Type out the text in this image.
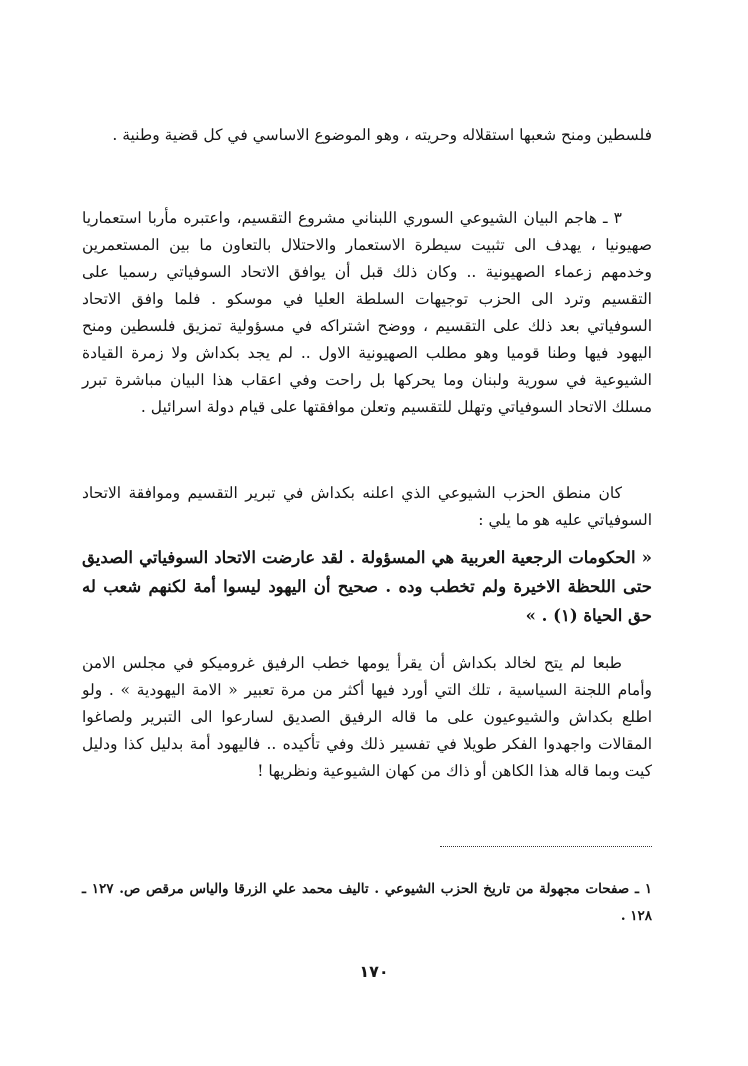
فلسطين ومنح شعبها استقلاله وحريته ، وهو الموضوع الاساسي في كل قضية وطنية .

٣ ـ هاجم البيان الشيوعي السوري اللبناني مشروع التقسيم، واعتبره مأربا استعماريا صهيونيا ، يهدف الى تثبيت سيطرة الاستعمار والاحتلال بالتعاون ما بين المستعمرين وخدمهم زعماء الصهيونية .. وكان ذلك قبل أن يوافق الاتحاد السوفياتي رسميا على التقسيم وترد الى الحزب توجيهات السلطة العليا في موسكو . فلما وافق الاتحاد السوفياتي بعد ذلك على التقسيم ، ووضح اشتراكه في مسؤولية تمزيق فلسطين ومنح اليهود فيها وطنا قوميا وهو مطلب الصهيونية الاول .. لم يجد بكداش ولا زمرة القيادة الشيوعية في سورية ولبنان وما يحركها بل راحت وفي اعقاب هذا البيان مباشرة تبرر مسلك الاتحاد السوفياتي وتهلل للتقسيم وتعلن موافقتها على قيام دولة اسرائيل .

كان منطق الحزب الشيوعي الذي اعلنه بكداش في تبرير التقسيم وموافقة الاتحاد السوفياتي عليه هو ما يلي :

« الحكومات الرجعية العربية هي المسؤولة . لقد عارضت الاتحاد السوفياتي الصديق حتى اللحظة الاخيرة ولم تخطب وده . صحيح أن اليهود ليسوا أمة لكنهم شعب له حق الحياة (١) . »

طبعا لم يتح لخالد بكداش أن يقرأ يومها خطب الرفيق غروميكو في مجلس الامن وأمام اللجنة السياسية ، تلك التي أورد فيها أكثر من مرة تعبير « الامة اليهودية » . ولو اطلع بكداش والشيوعيون على ما قاله الرفيق الصديق لسارعوا الى التبرير ولصاغوا المقالات واجهدوا الفكر طويلا في تفسير ذلك وفي تأكيده .. فاليهود أمة بدليل كذا ودليل كيت وبما قاله هذا الكاهن أو ذاك من كهان الشيوعية ونظريها !

١ ـ صفحات مجهولة من تاريخ الحزب الشيوعي . تاليف محمد علي الزرقا والياس مرقص ص. ١٢٧ ـ ١٢٨ .

١٧٠
